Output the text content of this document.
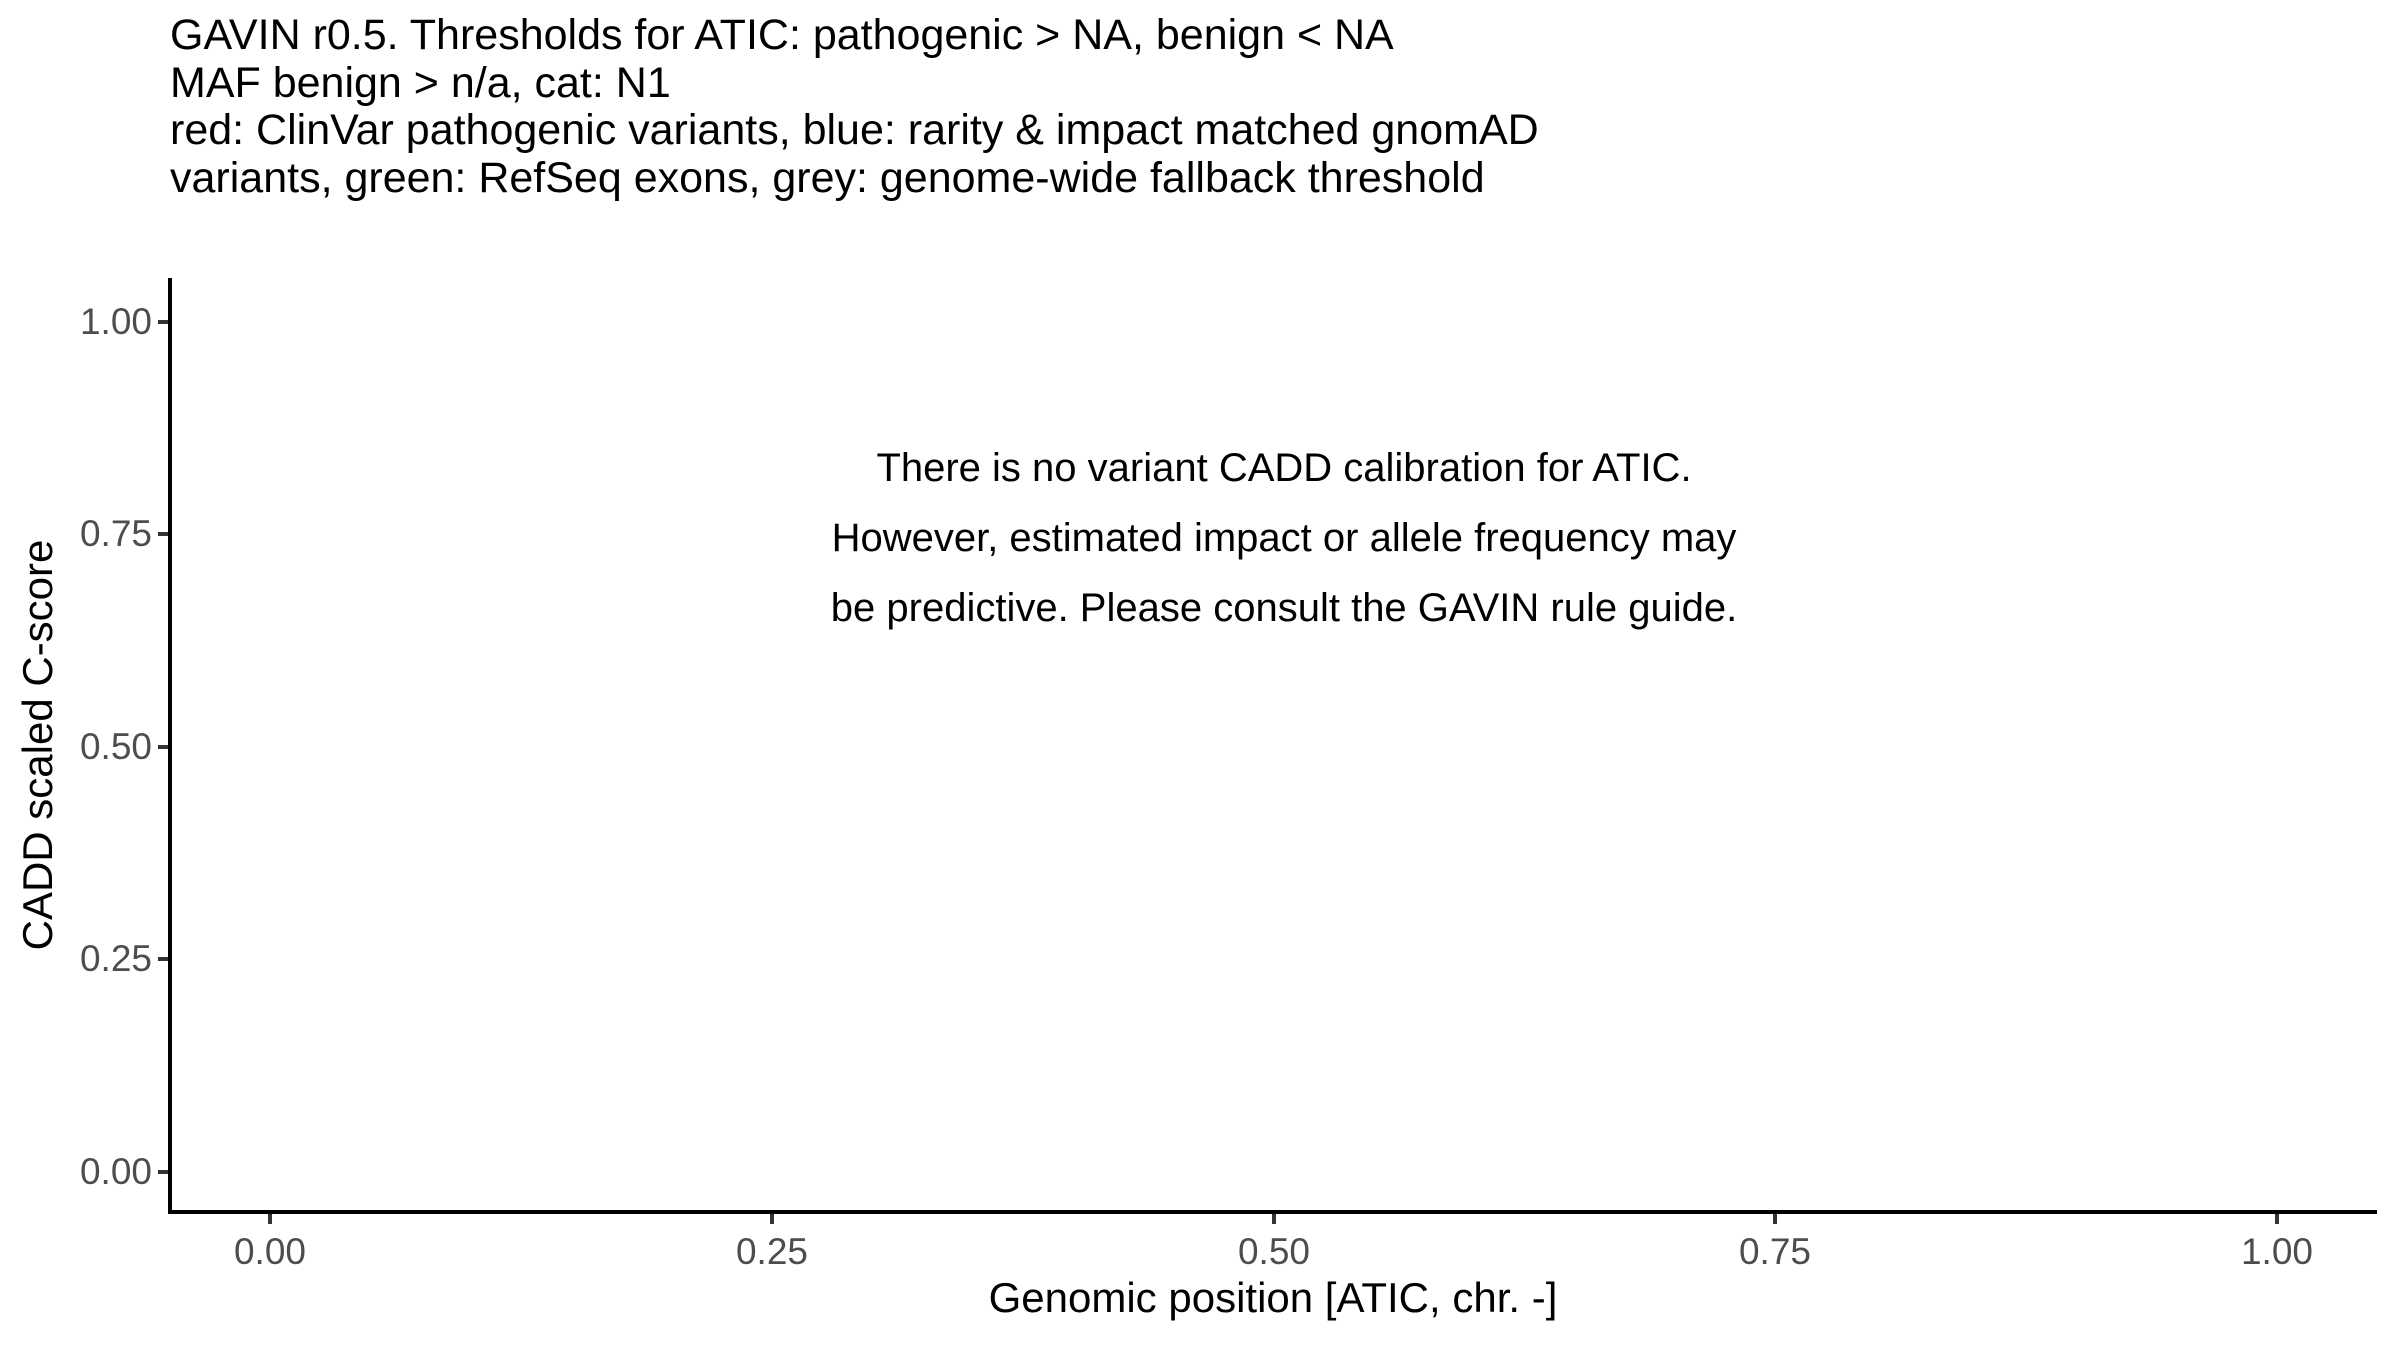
GAVIN r0.5. Thresholds for ATIC: pathogenic > NA, benign < NA
MAF benign > n/a, cat: N1
red: ClinVar pathogenic variants, blue: rarity & impact matched gnomAD
variants, green: RefSeq exons, grey: genome-wide fallback threshold
There is no variant CADD calibration for ATIC.
However, estimated impact or allele frequency may
be predictive. Please consult the GAVIN rule guide.
0.00
0.25
0.50
0.75
1.00
0.00	0.25	0.50	0.75	1.00
Genomic position [ATIC, chr. -]
CADD scaled C-score
